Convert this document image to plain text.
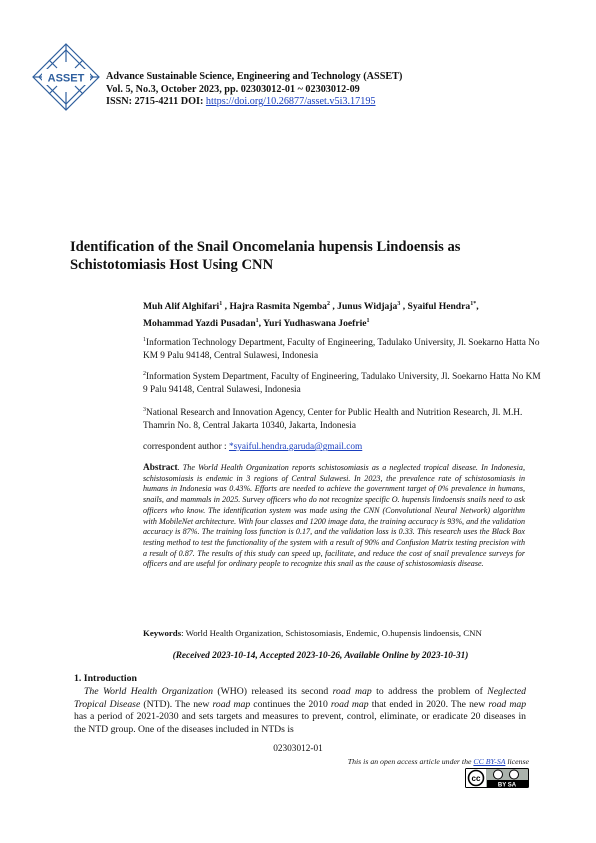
ASSET Advance Sustainable Science, Engineering and Technology (ASSET)
Vol. 5, No.3, October 2023, pp. 02303012-01 ~ 02303012-09
ISSN: 2715-4211 DOI: https://doi.org/10.26877/asset.v5i3.17195
Identification of the Snail Oncomelania hupensis Lindoensis as Schistotomiasis Host Using CNN
Muh Alif Alghifari$^1$ , Hajra Rasmita Ngemba$^2$ , Junus Widjaja$^3$ , Syaiful Hendra$^{1*}$,
Mohammad Yazdi Pusadan$^1$, Yuri Yudhaswana Joefrie$^1$
$^1$Information Technology Department, Faculty of Engineering, Tadulako University, Jl. Soekarno Hatta No KM 9 Palu 94148, Central Sulawesi, Indonesia
$^2$Information System Department, Faculty of Engineering, Tadulako University, Jl. Soekarno Hatta No KM 9 Palu 94148, Central Sulawesi, Indonesia
$^3$National Research and Innovation Agency, Center for Public Health and Nutrition Research, Jl. M.H. Thamrin No. 8, Central Jakarta 10340, Jakarta, Indonesia
correspondent author : *syaiful.hendra.garuda@gmail.com
Abstract. The World Health Organization reports schistosomiasis as a neglected tropical disease. In Indonesia, schistosomiasis is endemic in 3 regions of Central Sulawesi. In 2023, the prevalence rate of schistosomiasis in humans in Indonesia was 0.43%. Efforts are needed to achieve the government target of 0% prevalence in humans, snails, and mammals in 2025. Survey officers who do not recognize specific O. hupensis lindoensis snails need to ask officers who know. The identification system was made using the CNN (Convolutional Neural Network) algorithm with MobileNet architecture. With four classes and 1200 image data, the training accuracy is 93%, and the validation accuracy is 87%. The training loss function is 0.17, and the validation loss is 0.33. This research uses the Black Box testing method to test the functionality of the system with a result of 90% and Confusion Matrix testing precision with a result of 0.87. The results of this study can speed up, facilitate, and reduce the cost of snail prevalence surveys for officers and are useful for ordinary people to recognize this snail as the cause of schistosomiasis disease.
Keywords: World Health Organization, Schistosomiasis, Endemic, O.hupensis lindoensis, CNN
(Received 2023-10-14, Accepted 2023-10-26, Available Online by 2023-10-31)
1. Introduction

The World Health Organization (WHO) released its second road map to address the problem of Neglected Tropical Disease (NTD). The new road map continues the 2010 road map that ended in 2020. The new road map has a period of 2021-2030 and sets targets and measures to prevent, control, eliminate, or eradicate 20 diseases in the NTD group. One of the diseases included in NTDs is

02303012-01
This is an open access article under the CC BY-SA license
cc
BY SA
